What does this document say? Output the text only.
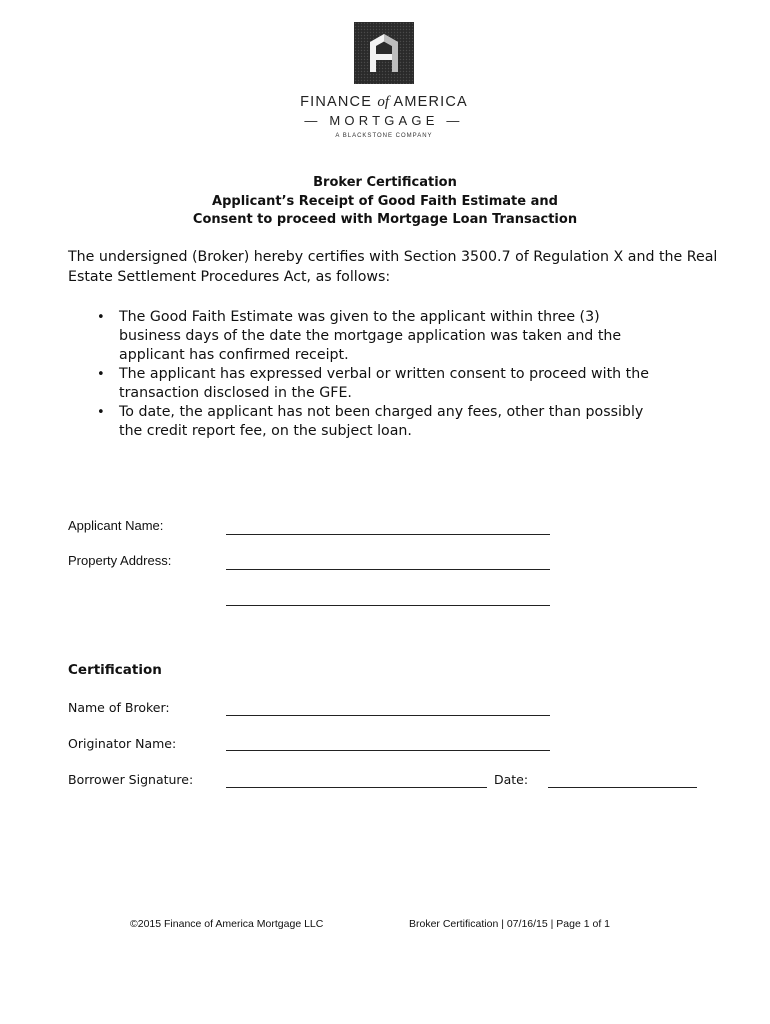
FINANCE of AMERICA
— MORTGAGE —
A BLACKSTONE COMPANY
Broker Certification
Applicant’s Receipt of Good Faith Estimate and
Consent to proceed with Mortgage Loan Transaction
The undersigned (Broker) hereby certifies with Section 3500.7 of Regulation X and the Real Estate Settlement Procedures Act, as follows:
• The Good Faith Estimate was given to the applicant within three (3)
business days of the date the mortgage application was taken and the
applicant has confirmed receipt.
• The applicant has expressed verbal or written consent to proceed with the
transaction disclosed in the GFE.
• To date, the applicant has not been charged any fees, other than possibly
the credit report fee, on the subject loan.
Applicant Name:
Property Address:
Certification
Name of Broker:
Originator Name:
Borrower Signature:	Date:
©2015 Finance of America Mortgage LLC	Broker Certification | 07/16/15 | Page 1 of 1
